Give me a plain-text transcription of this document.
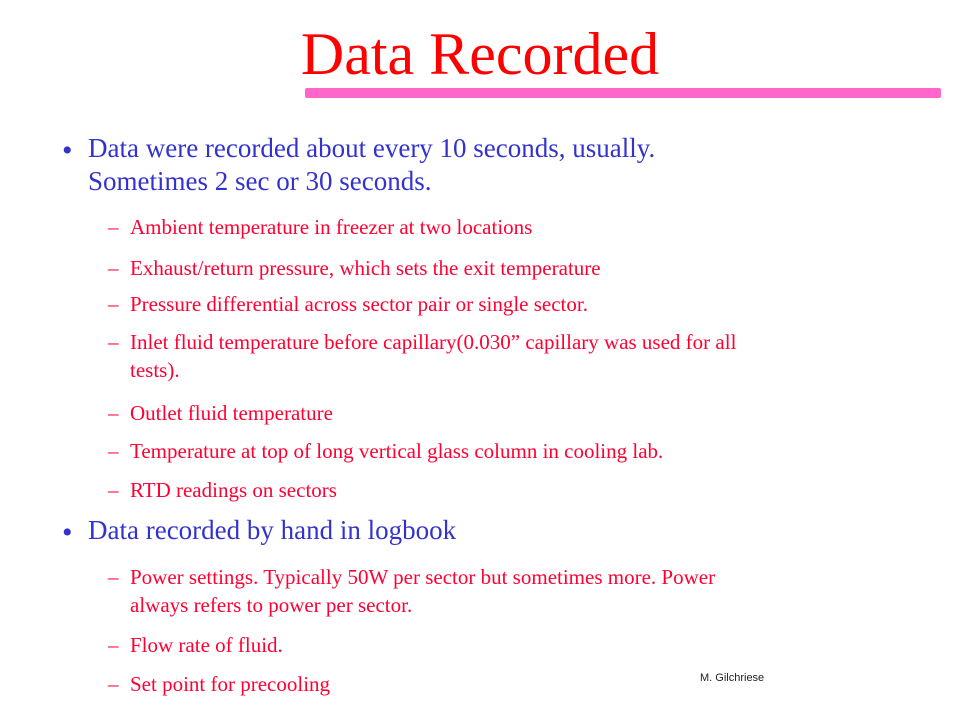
Data Recorded
• Data were recorded about every 10 seconds, usually.
Sometimes 2 sec or 30 seconds.
– Ambient temperature in freezer at two locations
– Exhaust/return pressure, which sets the exit temperature
– Pressure differential across sector pair or single sector.
– Inlet fluid temperature before capillary(0.030” capillary was used for all
tests).
– Outlet fluid temperature
– Temperature at top of long vertical glass column in cooling lab.
– RTD readings on sectors
• Data recorded by hand in logbook
– Power settings. Typically 50W per sector but sometimes more. Power
always refers to power per sector.
– Flow rate of fluid.
– Set point for precooling	M. Gilchriese
